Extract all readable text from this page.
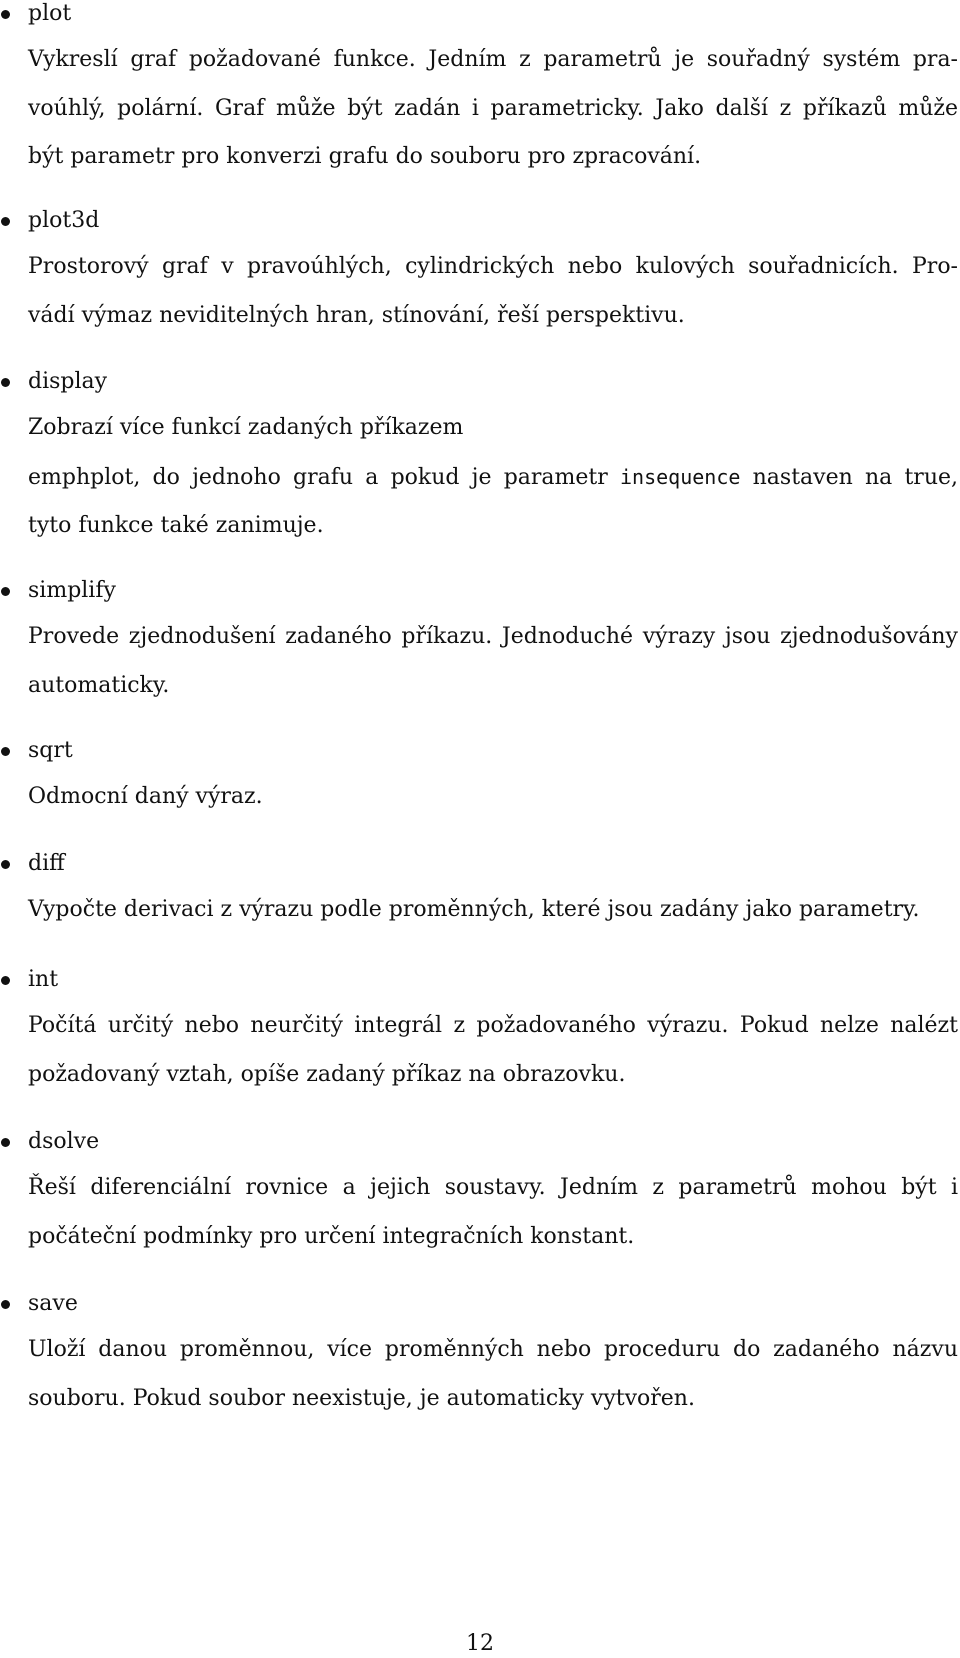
plot
Vykreslí graf požadované funkce. Jedním z parametrů je souřadný systém pra-
voúhlý, polární. Graf může být zadán i parametricky. Jako další z příkazů může
být parametr pro konverzi grafu do souboru pro zpracování.
plot3d
Prostorový graf v pravoúhlých, cylindrických nebo kulových souřadnicích. Pro-
vádí výmaz neviditelných hran, stínování, řeší perspektivu.
display
Zobrazí více funkcí zadaných příkazem
emphplot, do jednoho grafu a pokud je parametr insequence nastaven na true,
tyto funkce také zanimuje.
simplify
Provede zjednodušení zadaného příkazu. Jednoduché výrazy jsou zjednodušovány
automaticky.
sqrt
Odmocní daný výraz.
diff
Vypočte derivaci z výrazu podle proměnných, které jsou zadány jako parametry.
int
Počítá určitý nebo neurčitý integrál z požadovaného výrazu. Pokud nelze nalézt
požadovaný vztah, opíše zadaný příkaz na obrazovku.
dsolve
Řeší diferenciální rovnice a jejich soustavy. Jedním z parametrů mohou být i
počáteční podmínky pro určení integračních konstant.
save
Uloží danou proměnnou, více proměnných nebo proceduru do zadaného názvu
souboru. Pokud soubor neexistuje, je automaticky vytvořen.
12
